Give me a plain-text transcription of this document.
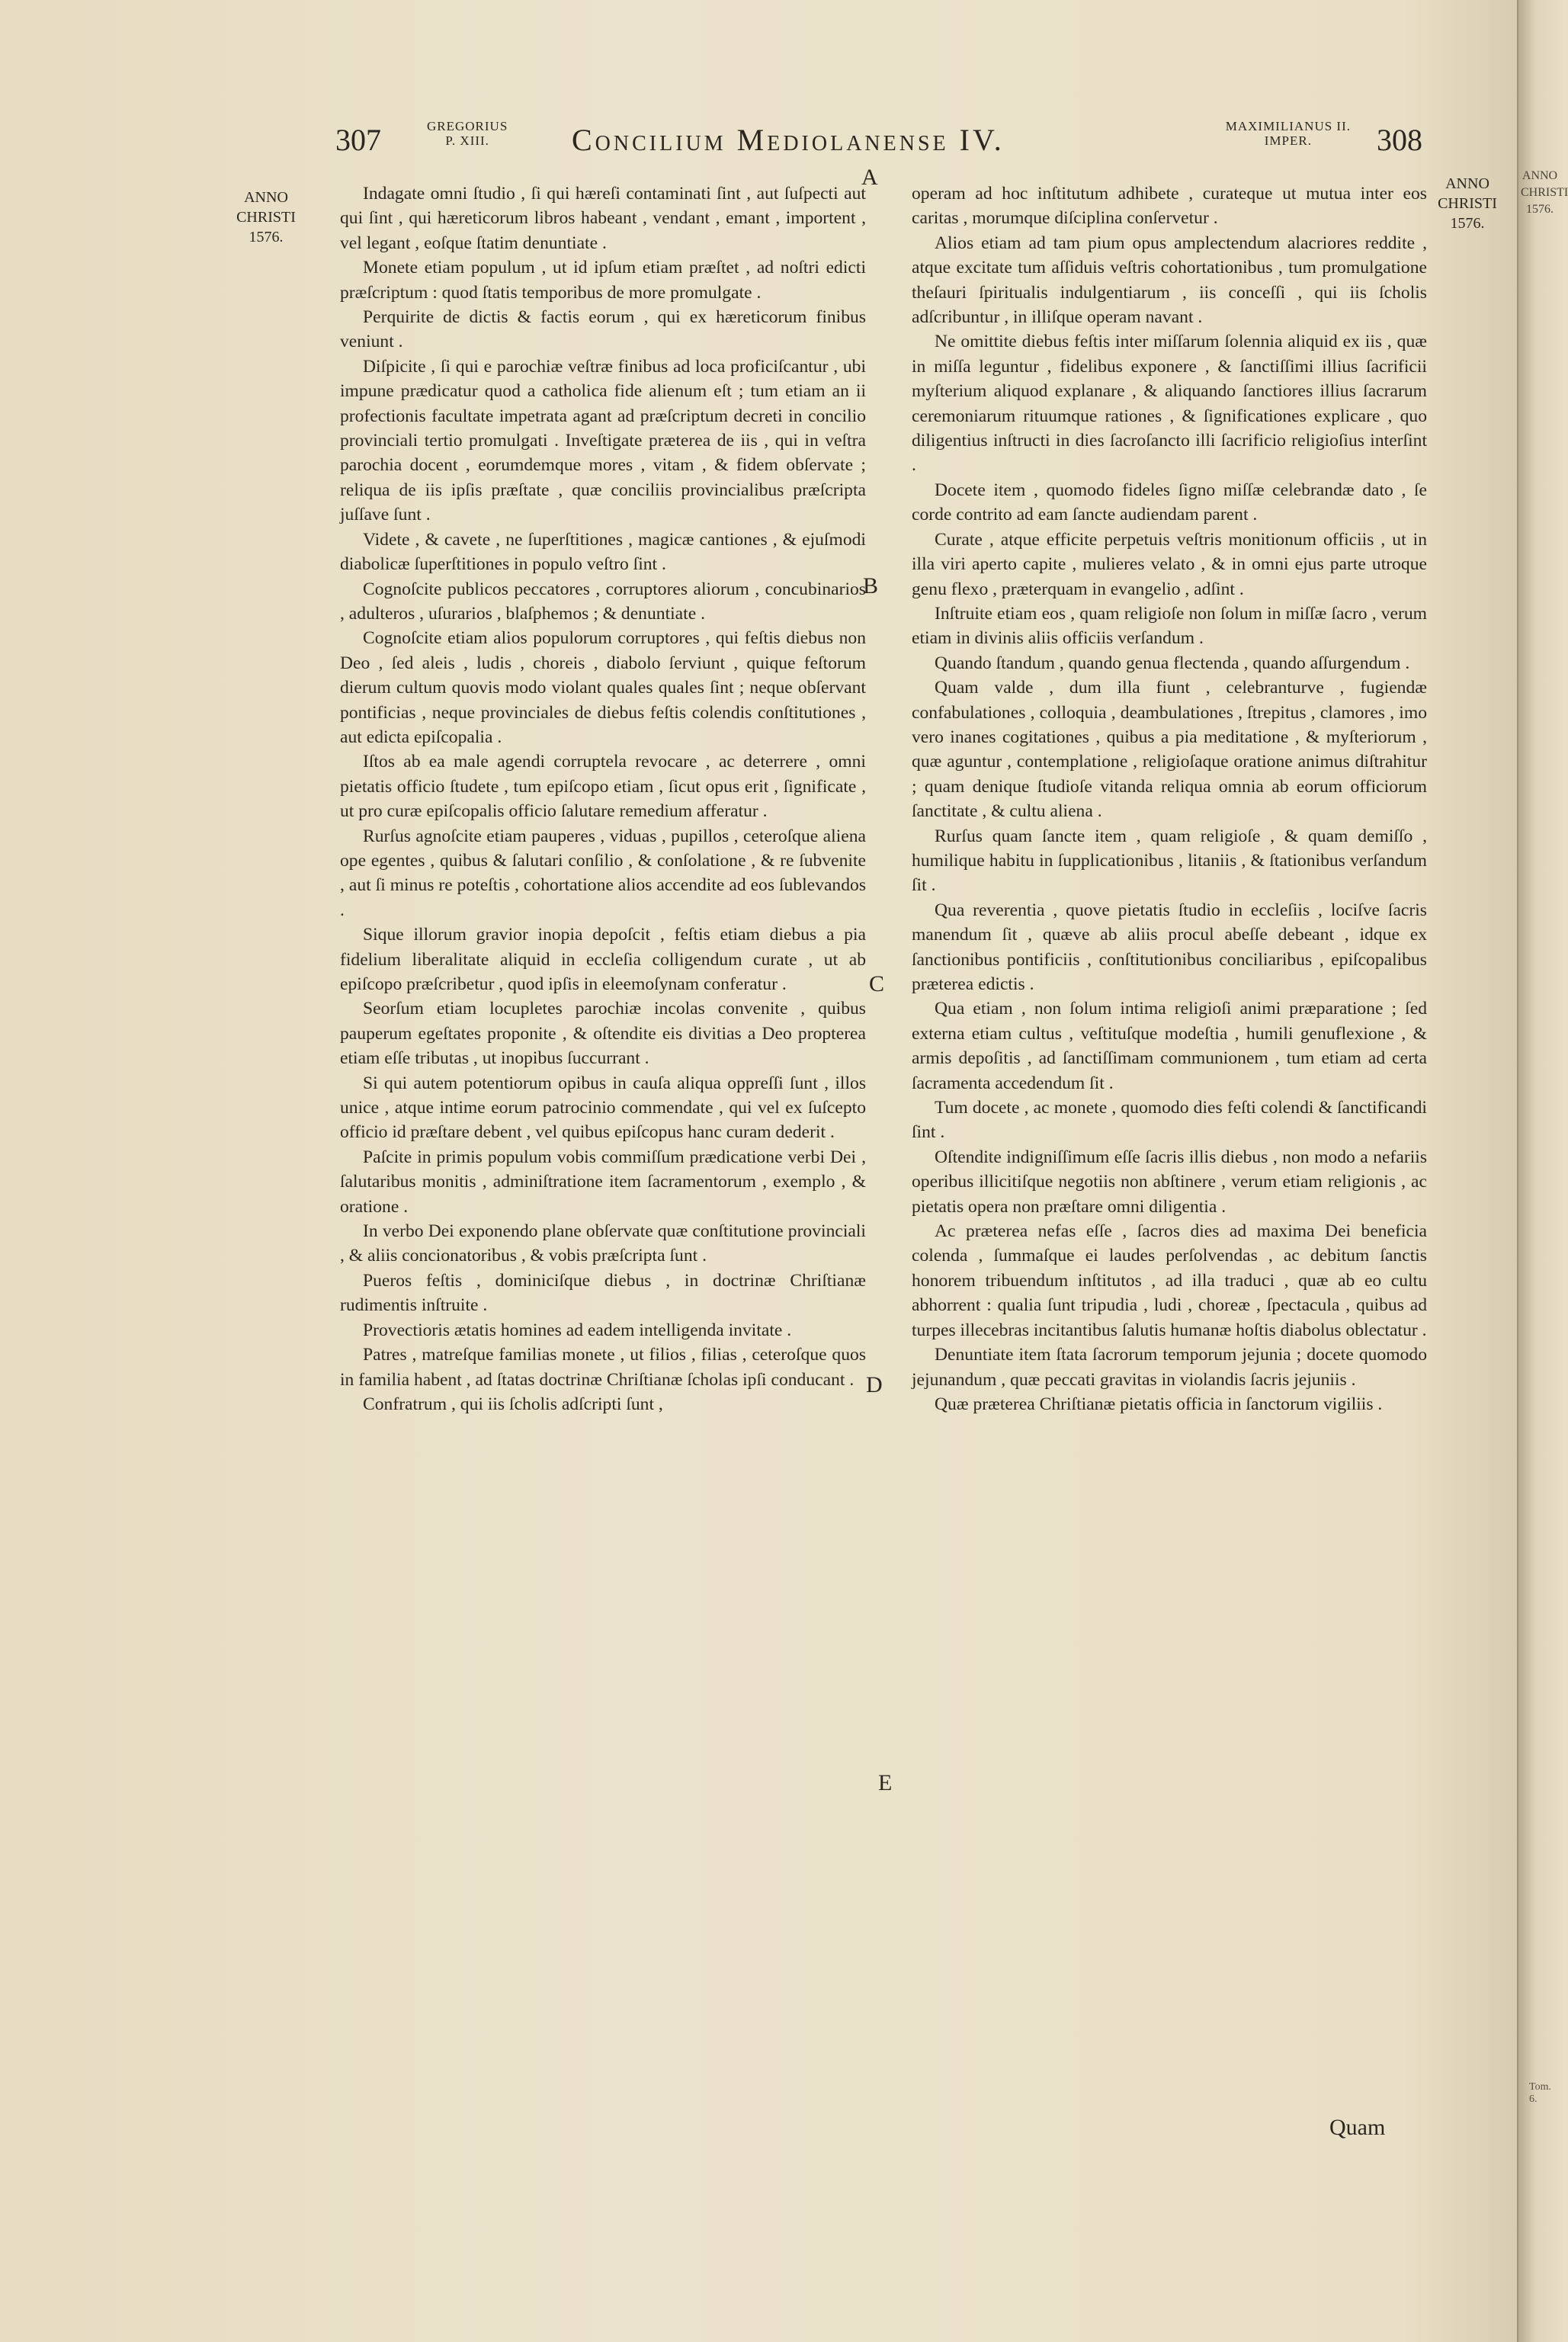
307	GREGORIUS
P. XIII.	Concilium Mediolanense IV.	MAXIMILIANUS II.
IMPER.	308
ANNO
CHRISTI
1576.
ANNO
CHRISTI
1576.
ANNO
CHRISTI
1576.
A
B
C
D
E

Indagate omni ſtudio , ſi qui hæreſi contaminati ſint , aut ſuſpecti aut qui ſint , qui hæreticorum libros habeant , vendant , emant , importent , vel legant , eoſque ſtatim denuntiate .

Monete etiam populum , ut id ipſum etiam præſtet , ad noſtri edicti præſcriptum : quod ſtatis temporibus de more promulgate .

Perquirite de dictis & factis eorum , qui ex hæreticorum finibus veniunt .

Diſpicite , ſi qui e parochiæ veſtræ finibus ad loca proficiſcantur , ubi impune prædicatur quod a catholica fide alienum eſt ; tum etiam an ii profectionis facultate impetrata agant ad præſcriptum decreti in concilio provinciali tertio promulgati . Inveſtigate præterea de iis , qui in veſtra parochia docent , eorumdemque mores , vitam , & fidem obſervate ; reliqua de iis ipſis præſtate , quæ conciliis provincialibus præſcripta juſſave ſunt .

Videte , & cavete , ne ſuperſtitiones , magicæ cantiones , & ejuſmodi diabolicæ ſuperſtitiones in populo veſtro ſint .

Cognoſcite publicos peccatores , corruptores aliorum , concubinarios , adulteros , uſurarios , blaſphemos ; & denuntiate .

Cognoſcite etiam alios populorum corruptores , qui feſtis diebus non Deo , ſed aleis , ludis , choreis , diabolo ſerviunt , quique feſtorum dierum cultum quovis modo violant quales quales ſint ; neque obſervant pontificias , neque provinciales de diebus feſtis colendis conſtitutiones , aut edicta epiſcopalia .

Iſtos ab ea male agendi corruptela revocare , ac deterrere , omni pietatis officio ſtudete , tum epiſcopo etiam , ſicut opus erit , ſignificate , ut pro curæ epiſcopalis officio ſalutare remedium afferatur .

Rurſus agnoſcite etiam pauperes , viduas , pupillos , ceteroſque aliena ope egentes , quibus & ſalutari conſilio , & conſolatione , & re ſubvenite , aut ſi minus re poteſtis , cohortatione alios accendite ad eos ſublevandos .

Sique illorum gravior inopia depoſcit , feſtis etiam diebus a pia fidelium liberalitate aliquid in eccleſia colligendum curate , ut ab epiſcopo præſcribetur , quod ipſis in eleemoſynam conferatur .

Seorſum etiam locupletes parochiæ incolas convenite , quibus pauperum egeſtates proponite , & oſtendite eis divitias a Deo propterea etiam eſſe tributas , ut inopibus ſuccurrant .

Si qui autem potentiorum opibus in cauſa aliqua oppreſſi ſunt , illos unice , atque intime eorum patrocinio commendate , qui vel ex ſuſcepto officio id præſtare debent , vel quibus epiſcopus hanc curam dederit .

Paſcite in primis populum vobis commiſſum prædicatione verbi Dei , ſalutaribus monitis , adminiſtratione item ſacramentorum , exemplo , & oratione .

In verbo Dei exponendo plane obſervate quæ conſtitutione provinciali , & aliis concionatoribus , & vobis præſcripta ſunt .

Pueros feſtis , dominiciſque diebus , in doctrinæ Chriſtianæ rudimentis inſtruite .

Provectioris ætatis homines ad eadem intelligenda invitate .

Patres , matreſque familias monete , ut filios , filias , ceteroſque quos in familia habent , ad ſtatas doctrinæ Chriſtianæ ſcholas ipſi conducant .

Confratrum , qui iis ſcholis adſcripti ſunt ,

operam ad hoc inſtitutum adhibete , curateque ut mutua inter eos caritas , morumque diſciplina conſervetur .

Alios etiam ad tam pium opus amplectendum alacriores reddite , atque excitate tum aſſiduis veſtris cohortationibus , tum promulgatione theſauri ſpiritualis indulgentiarum , iis conceſſi , qui iis ſcholis adſcribuntur , in illiſque operam navant .

Ne omittite diebus feſtis inter miſſarum ſolennia aliquid ex iis , quæ in miſſa leguntur , fidelibus exponere , & ſanctiſſimi illius ſacrificii myſterium aliquod explanare , & aliquando ſanctiores illius ſacrarum ceremoniarum rituumque rationes , & ſignificationes explicare , quo diligentius inſtructi in dies ſacroſancto illi ſacrificio religioſius interſint .

Docete item , quomodo fideles ſigno miſſæ celebrandæ dato , ſe corde contrito ad eam ſancte audiendam parent .

Curate , atque efficite perpetuis veſtris monitionum officiis , ut in illa viri aperto capite , mulieres velato , & in omni ejus parte utroque genu flexo , præterquam in evangelio , adſint .

Inſtruite etiam eos , quam religioſe non ſolum in miſſæ ſacro , verum etiam in divinis aliis officiis verſandum .

Quando ſtandum , quando genua flectenda , quando aſſurgendum .

Quam valde , dum illa fiunt , celebranturve , fugiendæ confabulationes , colloquia , deambulationes , ſtrepitus , clamores , imo vero inanes cogitationes , quibus a pia meditatione , & myſteriorum , quæ aguntur , contemplatione , religioſaque oratione animus diſtrahitur ; quam denique ſtudioſe vitanda reliqua omnia ab eorum officiorum ſanctitate , & cultu aliena .

Rurſus quam ſancte item , quam religioſe , & quam demiſſo , humilique habitu in ſupplicationibus , litaniis , & ſtationibus verſandum ſit .

Qua reverentia , quove pietatis ſtudio in eccleſiis , lociſve ſacris manendum ſit , quæve ab aliis procul abeſſe debeant , idque ex ſanctionibus pontificiis , conſtitutionibus conciliaribus , epiſcopalibus præterea edictis .

Qua etiam , non ſolum intima religioſi animi præparatione ; ſed externa etiam cultus , veſtituſque modeſtia , humili genuflexione , & armis depoſitis , ad ſanctiſſimam communionem , tum etiam ad certa ſacramenta accedendum ſit .

Tum docete , ac monete , quomodo dies feſti colendi & ſanctificandi ſint .

Oſtendite indigniſſimum eſſe ſacris illis diebus , non modo a nefariis operibus illicitiſque negotiis non abſtinere , verum etiam religionis , ac pietatis opera non præſtare omni diligentia .

Ac præterea nefas eſſe , ſacros dies ad maxima Dei beneficia colenda , ſummaſque ei laudes perſolvendas , ac debitum ſanctis honorem tribuendum inſtitutos , ad illa traduci , quæ ab eo cultu abhorrent : qualia ſunt tripudia , ludi , choreæ , ſpectacula , quibus ad turpes illecebras incitantibus ſalutis humanæ hoſtis diabolus oblectatur .

Denuntiate item ſtata ſacrorum temporum jejunia ; docete quomodo jejunandum , quæ peccati gravitas in violandis ſacris jejuniis .

Quæ præterea Chriſtianæ pietatis officia in ſanctorum vigiliis .

Quam
Tom. 6.
